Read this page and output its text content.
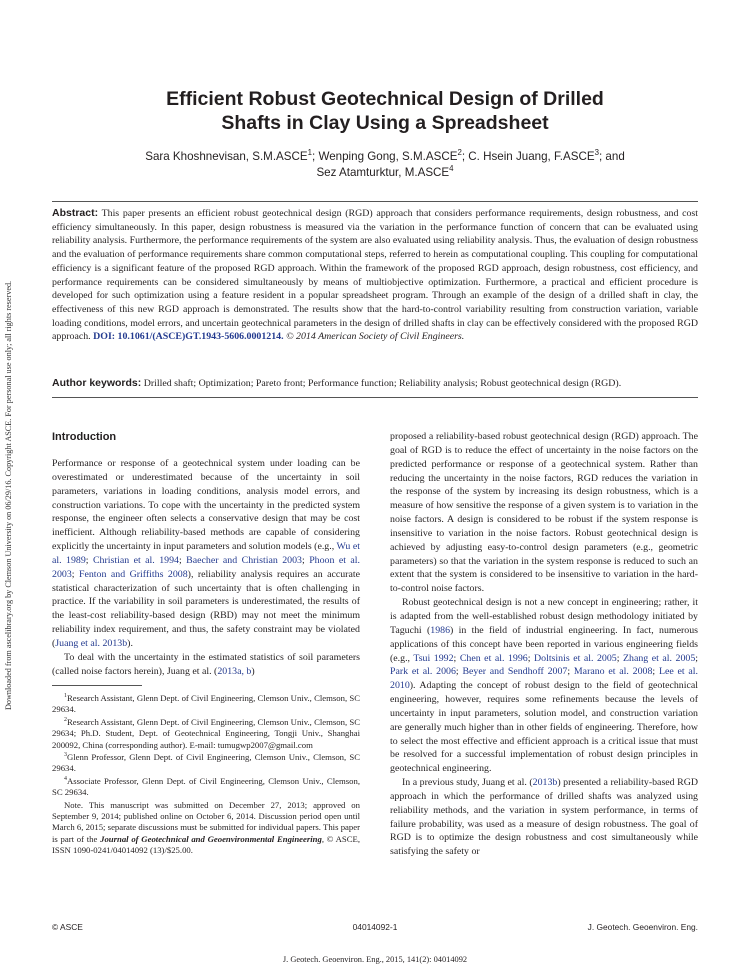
Downloaded from ascelibrary.org by Clemson University on 06/29/16. Copyright ASCE. For personal use only; all rights reserved.
Efficient Robust Geotechnical Design of Drilled
Shafts in Clay Using a Spreadsheet

Sara Khoshnevisan, S.M.ASCE$^1$; Wenping Gong, S.M.ASCE$^2$; C. Hsein Juang, F.ASCE$^3$; and
Sez Atamturktur, M.ASCE$^4$

Abstract: This paper presents an efficient robust geotechnical design (RGD) approach that considers performance requirements, design robustness, and cost efficiency simultaneously. In this paper, design robustness is measured via the variation in the performance function of concern that can be evaluated using reliability analysis. Furthermore, the performance requirements of the system are also evaluated using reliability analysis. Thus, the evaluation of design robustness and the evaluation of performance requirements share common computational steps, referred to herein as computational coupling. This coupling for computational efficiency is a significant feature of the proposed RGD approach. Within the framework of the proposed RGD approach, design robustness, cost efficiency, and performance requirements can be considered simultaneously by means of multiobjective optimization. Furthermore, a practical and efficient procedure is developed for such optimization using a feature resident in a popular spreadsheet program. Through an example of the design of a drilled shaft in clay, the effectiveness of this new RGD approach is demonstrated. The results show that the hard-to-control variability resulting from construction variation, variable loading conditions, model errors, and uncertain geotechnical parameters in the design of drilled shafts in clay can be effectively considered with the proposed RGD approach. DOI: 10.1061/(ASCE)GT.1943-5606.0001214. © 2014 American Society of Civil Engineers.

Author keywords: Drilled shaft; Optimization; Pareto front; Performance function; Reliability analysis; Robust geotechnical design (RGD).

Introduction

Performance or response of a geotechnical system under loading can be overestimated or underestimated because of the uncertainty in soil parameters, variations in loading conditions, analysis model errors, and construction variations. To cope with the uncertainty in the predicted system response, the engineer often selects a conservative design that may be cost inefficient. Although reliability-based methods are capable of considering explicitly the uncertainty in input parameters and solution models (e.g., Wu et al. 1989; Christian et al. 1994; Baecher and Christian 2003; Phoon et al. 2003; Fenton and Griffiths 2008), reliability analysis requires an accurate statistical characterization of such uncertainty that is often challenging in practice. If the variability in soil parameters is underestimated, the results of the least-cost reliability-based design (RBD) may not meet the minimum reliability index requirement, and thus, the safety constraint may be violated (Juang et al. 2013b).

To deal with the uncertainty in the estimated statistics of soil parameters (called noise factors herein), Juang et al. (2013a, b)

$^1$Research Assistant, Glenn Dept. of Civil Engineering, Clemson Univ., Clemson, SC 29634.

$^2$Research Assistant, Glenn Dept. of Civil Engineering, Clemson Univ., Clemson, SC 29634; Ph.D. Student, Dept. of Geotechnical Engineering, Tongji Univ., Shanghai 200092, China (corresponding author). E-mail: tumugwp2007@gmail.com

$^3$Glenn Professor, Glenn Dept. of Civil Engineering, Clemson Univ., Clemson, SC 29634.

$^4$Associate Professor, Glenn Dept. of Civil Engineering, Clemson Univ., Clemson, SC 29634.

Note. This manuscript was submitted on December 27, 2013; approved on September 9, 2014; published online on October 6, 2014. Discussion period open until March 6, 2015; separate discussions must be submitted for individual papers. This paper is part of the Journal of Geotechnical and Geoenvironmental Engineering, © ASCE, ISSN 1090-0241/04014092 (13)/$25.00.

proposed a reliability-based robust geotechnical design (RGD) approach. The goal of RGD is to reduce the effect of uncertainty in the noise factors on the predicted performance or response of a geotechnical system. Rather than reducing the uncertainty in the noise factors, RGD reduces the variation in the response of the system by increasing its design robustness, which is a measure of how sensitive the response of a given system is to variation in the noise factors. A design is considered to be robust if the system response is insensitive to variation in the noise factors. Robust geotechnical design is achieved by adjusting easy-to-control design parameters (e.g., geometric parameters) so that the variation in the system response is reduced to such an extent that the system is considered to be insensitive to variation in the hard-to-control noise factors.

Robust geotechnical design is not a new concept in engineering; rather, it is adapted from the well-established robust design methodology initiated by Taguchi (1986) in the field of industrial engineering. In fact, numerous applications of this concept have been reported in various engineering fields (e.g., Tsui 1992; Chen et al. 1996; Doltsinis et al. 2005; Zhang et al. 2005; Park et al. 2006; Beyer and Sendhoff 2007; Marano et al. 2008; Lee et al. 2010). Adapting the concept of robust design to the field of geotechnical engineering, however, requires some refinements because the levels of uncertainty in input parameters, solution model, and construction variation are generally much higher than in other fields of engineering. Therefore, how to select the most effective and efficient approach is a critical issue that must be resolved for a successful implementation of robust design principles in geotechnical engineering.

In a previous study, Juang et al. (2013b) presented a reliability-based RGD approach in which the performance of drilled shafts was analyzed using reliability methods, and the variation in system performance, in terms of failure probability, was used as a measure of design robustness. The goal of RGD is to optimize the design robustness and cost simultaneously while satisfying the safety or

© ASCE	04014092-1	J. Geotech. Geoenviron. Eng.
J. Geotech. Geoenviron. Eng., 2015, 141(2): 04014092
